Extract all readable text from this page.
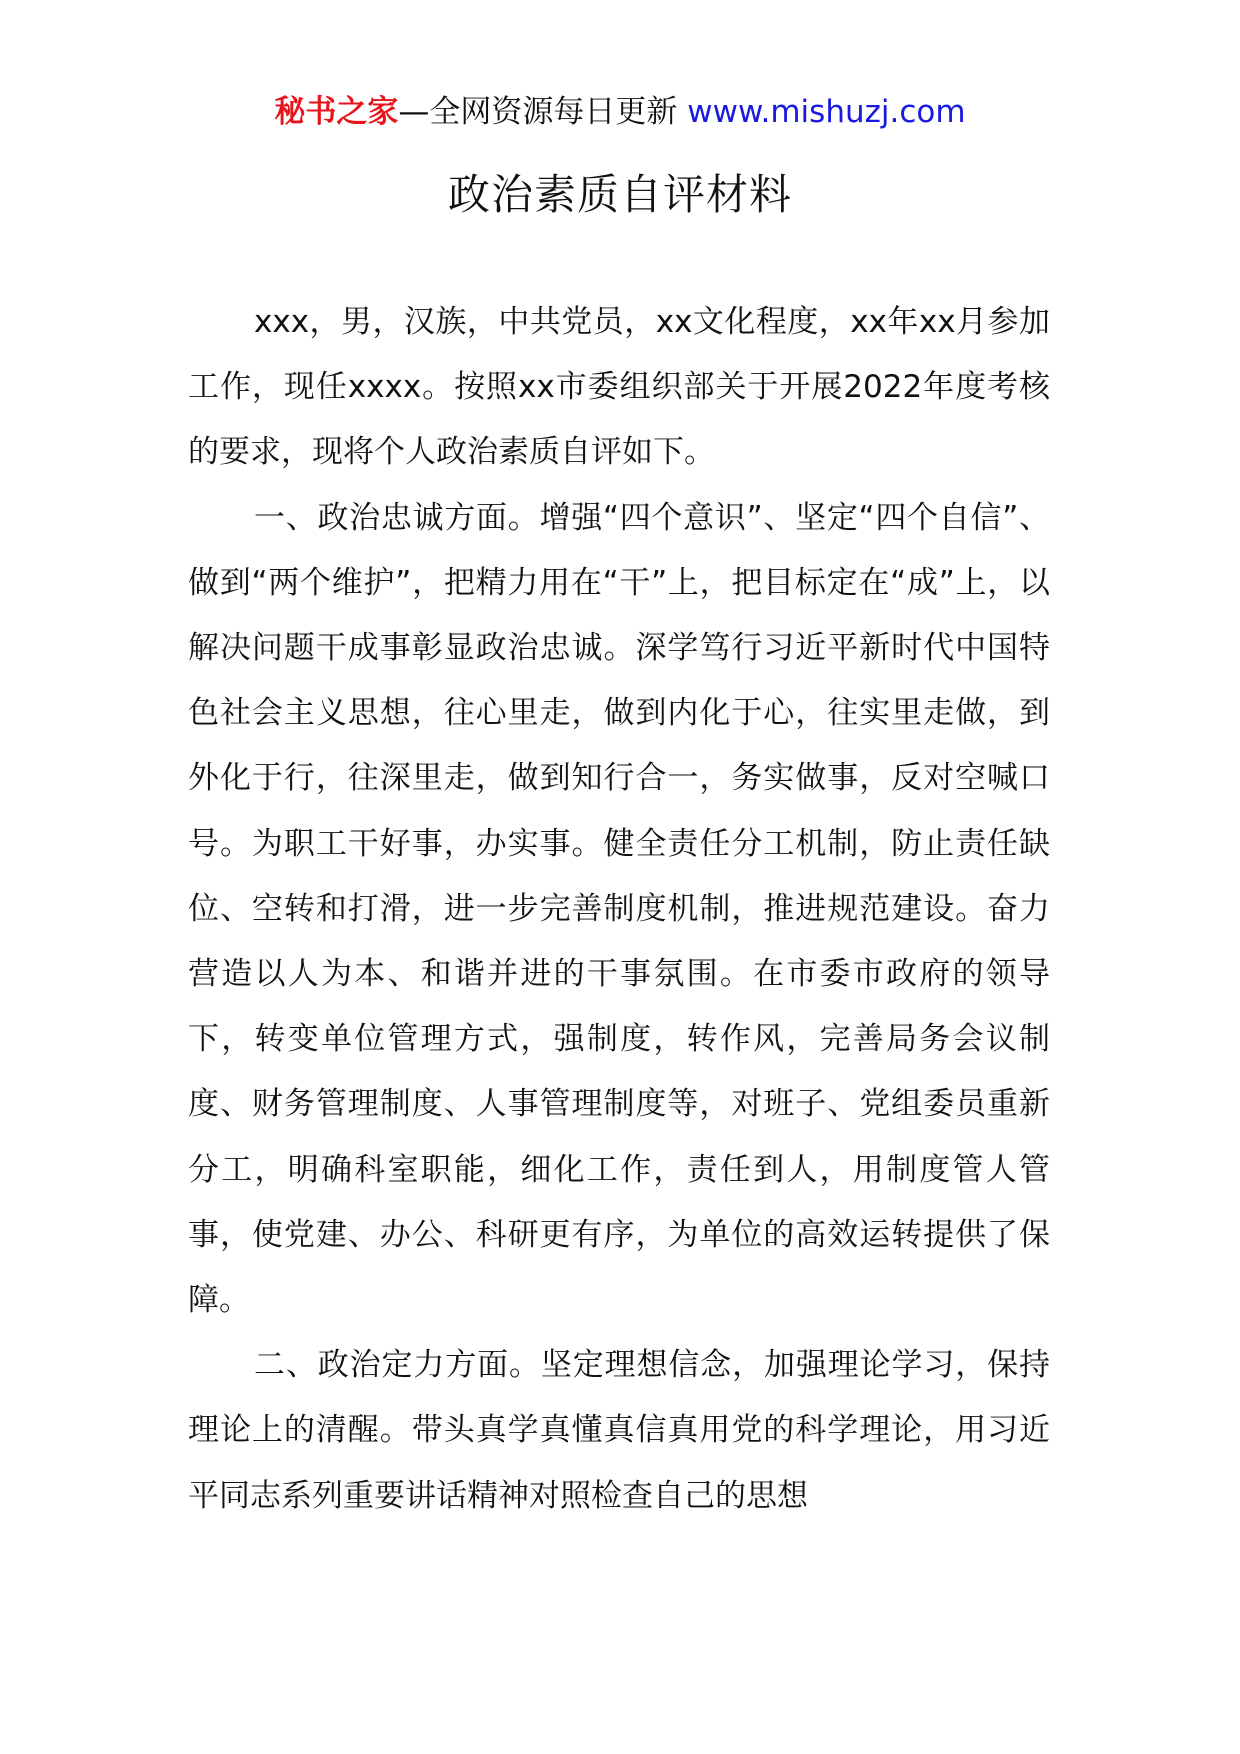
秘书之家—全网资源每日更新 www.mishuzj.com
政治素质自评材料

xxx，男，汉族，中共党员，xx文化程度，xx年xx月参加工作，现任xxxx。按照xx市委组织部关于开展2022年度考核的要求，现将个人政治素质自评如下。

一、政治忠诚方面。增强“四个意识”、坚定“四个自信”、做到“两个维护”，把精力用在“干”上，把目标定在“成”上，以解决问题干成事彰显政治忠诚。深学笃行习近平新时代中国特色社会主义思想，往心里走，做到内化于心，往实里走做，到外化于行，往深里走，做到知行合一，务实做事，反对空喊口号。为职工干好事，办实事。健全责任分工机制，防止责任缺位、空转和打滑，进一步完善制度机制，推进规范建设。奋力营造以人为本、和谐并进的干事氛围。在市委市政府的领导下，转变单位管理方式，强制度，转作风，完善局务会议制度、财务管理制度、人事管理制度等，对班子、党组委员重新分工，明确科室职能，细化工作，责任到人，用制度管人管事，使党建、办公、科研更有序，为单位的高效运转提供了保障。

二、政治定力方面。坚定理想信念，加强理论学习，保持理论上的清醒。带头真学真懂真信真用党的科学理论，用习近平同志系列重要讲话精神对照检查自己的思想
